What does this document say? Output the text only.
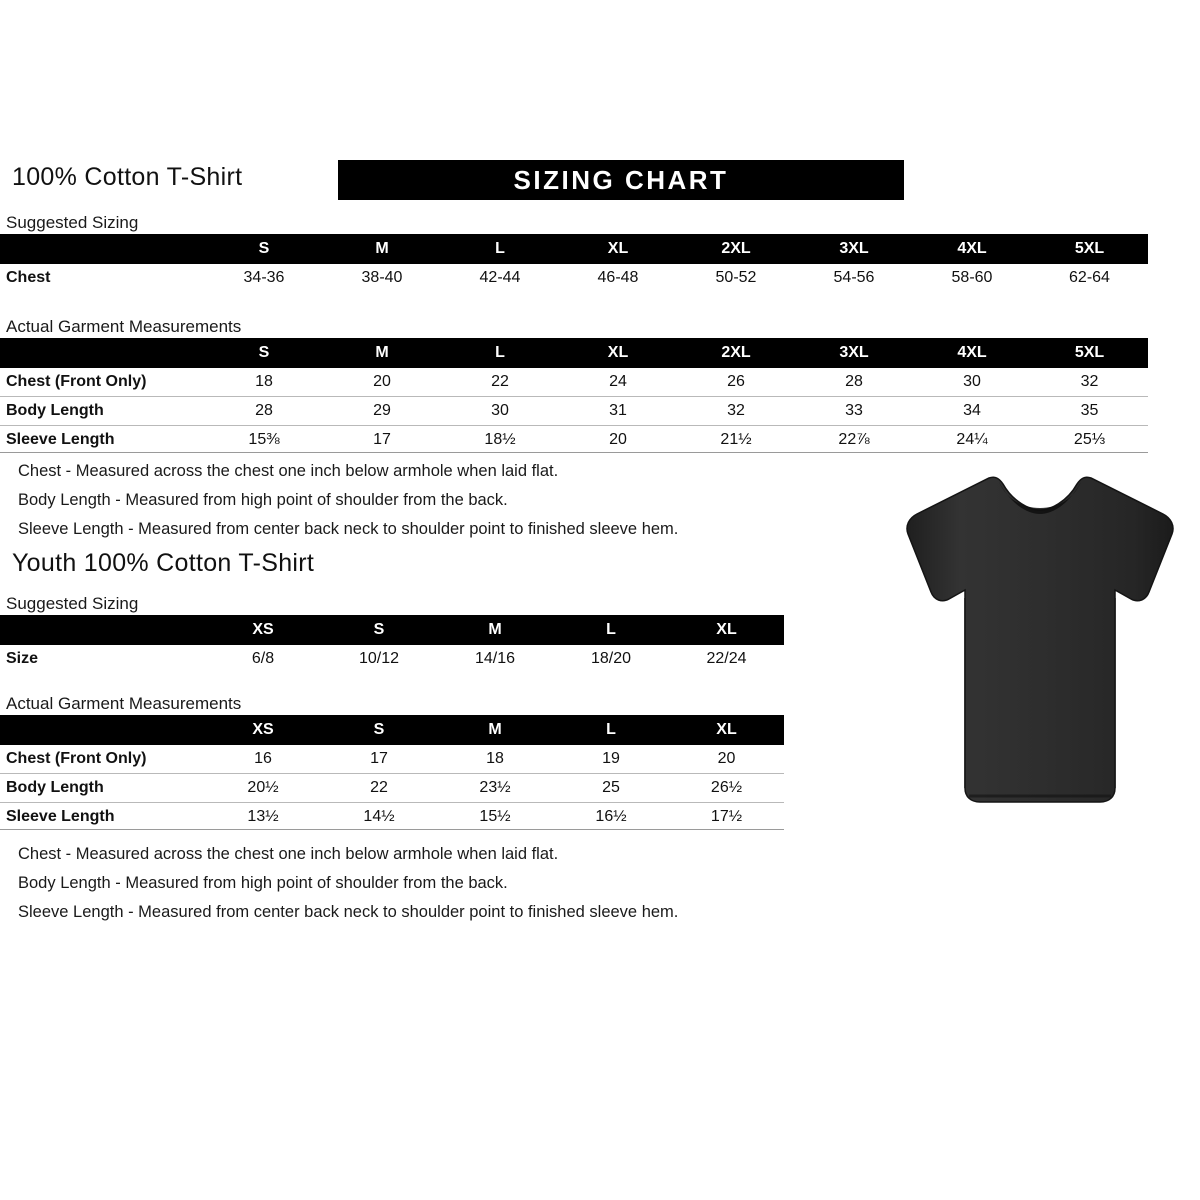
100% Cotton T-Shirt	SIZING CHART
Suggested Sizing
	S	M	L	XL	2XL	3XL	4XL	5XL
Chest	34-36	38-40	42-44	46-48	50-52	54-56	58-60	62-64
Actual Garment Measurements
	S	M	L	XL	2XL	3XL	4XL	5XL
Chest (Front Only)	18	20	22	24	26	28	30	32

Body Length	28	29	30	31	32	33	34	35

Sleeve Length	15⅜	17	18½	20	21½	22⅞	24¼	25⅓
Chest - Measured across the chest one inch below armhole when laid flat.
Body Length - Measured from high point of shoulder from the back.
Sleeve Length - Measured from center back neck to shoulder point to finished sleeve hem.
Youth 100% Cotton T-Shirt
Suggested Sizing
	XS	S	M	L	XL
Size	6/8	10/12	14/16	18/20	22/24
Actual Garment Measurements
	XS	S	M	L	XL
Chest (Front Only)	16	17	18	19	20

Body Length	20½	22	23½	25	26½

Sleeve Length	13½	14½	15½	16½	17½
Chest - Measured across the chest one inch below armhole when laid flat.
Body Length - Measured from high point of shoulder from the back.
Sleeve Length - Measured from center back neck to shoulder point to finished sleeve hem.
